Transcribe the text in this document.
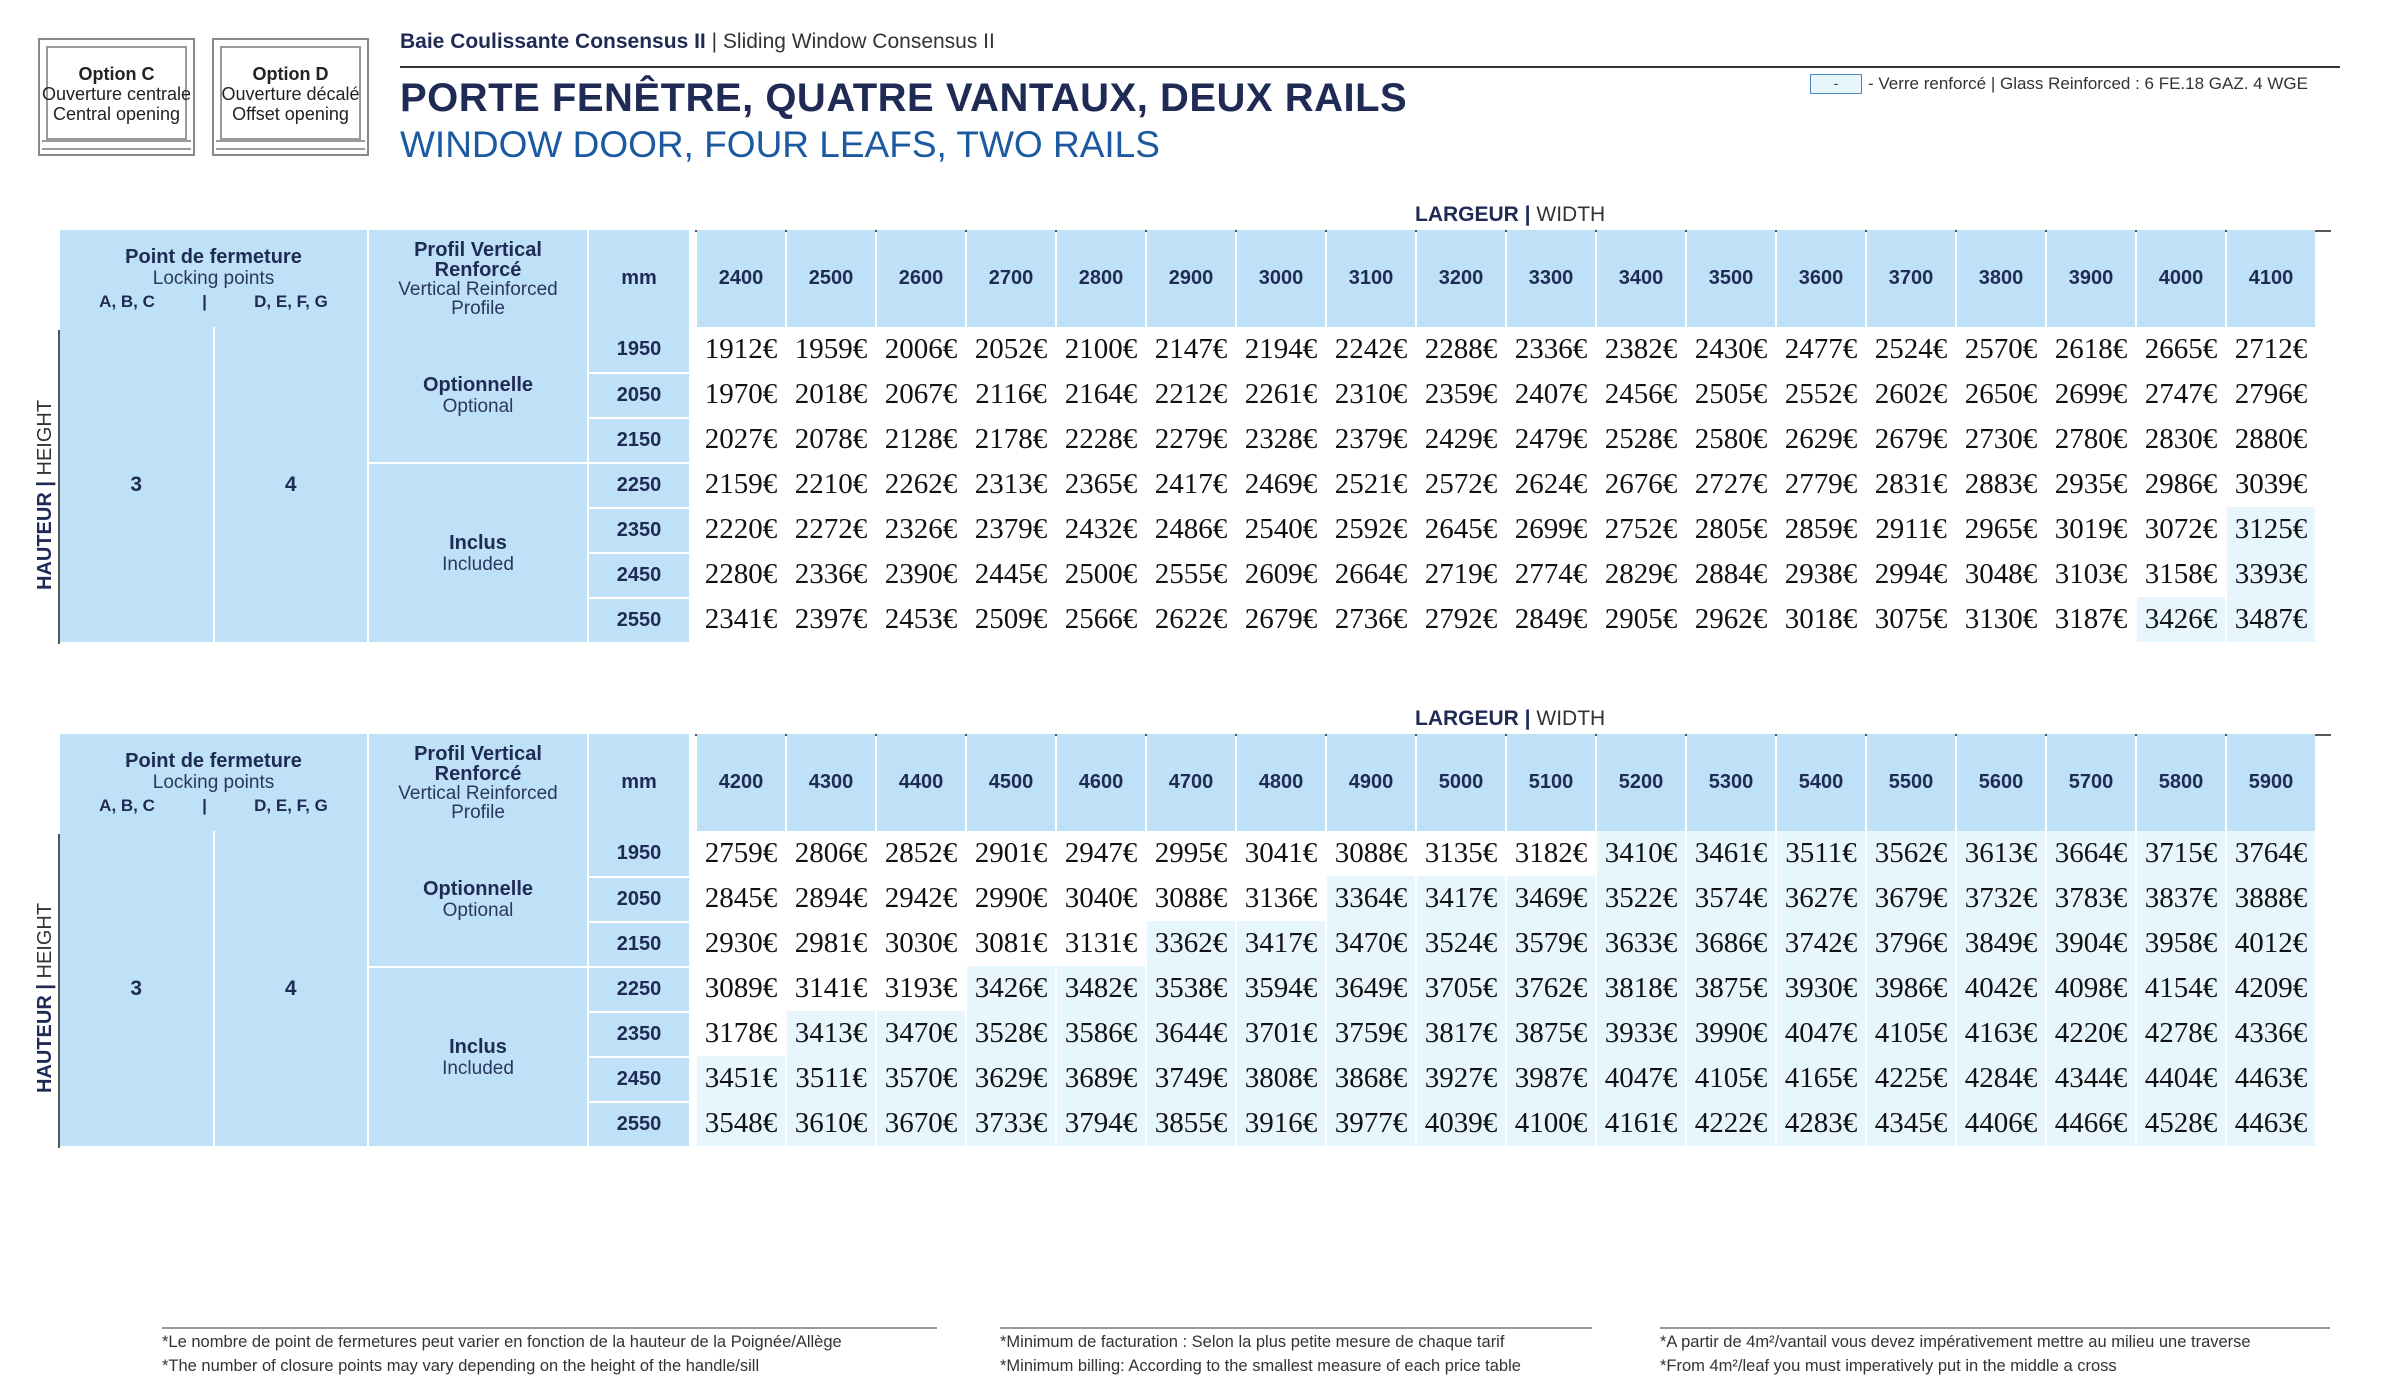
Option C
Ouverture centrale
Central opening
Option D
Ouverture décalé
Offset opening
Baie Coulissante Consensus II | Sliding Window Consensus II
PORTE FENÊTRE, QUATRE VANTAUX, DEUX RAILS
WINDOW DOOR, FOUR LEAFS, TWO RAILS
-	- Verre renforcé | Glass Reinforced : 6 FE.18 GAZ. 4 WGE
LARGEUR | WIDTH
Point de fermeture
Locking points
A, B, C | D, E, F, G		Profil Vertical
Renforcé
Vertical Reinforced
Profile	mm		2400	2500	2600	2700	2800	2900	3000	3100	3200	3300	3400	3500	3600	3700	3800	3900	4000	4100
3	4	Optionnelle
Optional	1950		1912€	1959€	2006€	2052€	2100€	2147€	2194€	2242€	2288€	2336€	2382€	2430€	2477€	2524€	2570€	2618€	2665€	2712€
			2050		1970€	2018€	2067€	2116€	2164€	2212€	2261€	2310€	2359€	2407€	2456€	2505€	2552€	2602€	2650€	2699€	2747€	2796€
			2150		2027€	2078€	2128€	2178€	2228€	2279€	2328€	2379€	2429€	2479€	2528€	2580€	2629€	2679€	2730€	2780€	2830€	2880€
		Inclus
Included	2250		2159€	2210€	2262€	2313€	2365€	2417€	2469€	2521€	2572€	2624€	2676€	2727€	2779€	2831€	2883€	2935€	2986€	3039€
			2350		2220€	2272€	2326€	2379€	2432€	2486€	2540€	2592€	2645€	2699€	2752€	2805€	2859€	2911€	2965€	3019€	3072€	3125€
			2450		2280€	2336€	2390€	2445€	2500€	2555€	2609€	2664€	2719€	2774€	2829€	2884€	2938€	2994€	3048€	3103€	3158€	3393€
			2550		2341€	2397€	2453€	2509€	2566€	2622€	2679€	2736€	2792€	2849€	2905€	2962€	3018€	3075€	3130€	3187€	3426€	3487€
LARGEUR | WIDTH
Point de fermeture
Locking points
A, B, C | D, E, F, G		Profil Vertical
Renforcé
Vertical Reinforced
Profile	mm		4200	4300	4400	4500	4600	4700	4800	4900	5000	5100	5200	5300	5400	5500	5600	5700	5800	5900
3	4	Optionnelle
Optional	1950		2759€	2806€	2852€	2901€	2947€	2995€	3041€	3088€	3135€	3182€	3410€	3461€	3511€	3562€	3613€	3664€	3715€	3764€
			2050		2845€	2894€	2942€	2990€	3040€	3088€	3136€	3364€	3417€	3469€	3522€	3574€	3627€	3679€	3732€	3783€	3837€	3888€
			2150		2930€	2981€	3030€	3081€	3131€	3362€	3417€	3470€	3524€	3579€	3633€	3686€	3742€	3796€	3849€	3904€	3958€	4012€
		Inclus
Included	2250		3089€	3141€	3193€	3426€	3482€	3538€	3594€	3649€	3705€	3762€	3818€	3875€	3930€	3986€	4042€	4098€	4154€	4209€
			2350		3178€	3413€	3470€	3528€	3586€	3644€	3701€	3759€	3817€	3875€	3933€	3990€	4047€	4105€	4163€	4220€	4278€	4336€
			2450		3451€	3511€	3570€	3629€	3689€	3749€	3808€	3868€	3927€	3987€	4047€	4105€	4165€	4225€	4284€	4344€	4404€	4463€
			2550		3548€	3610€	3670€	3733€	3794€	3855€	3916€	3977€	4039€	4100€	4161€	4222€	4283€	4345€	4406€	4466€	4528€	4463€
HAUTEUR | HEIGHT
HAUTEUR | HEIGHT
*Le nombre de point de fermetures peut varier en fonction de la hauteur de la Poignée/Allège
*The number of closure points may vary depending on the height of the handle/sill
*Minimum de facturation : Selon la plus petite mesure de chaque tarif
*Minimum billing: According to the smallest measure of each price table
*A partir de 4m²/vantail vous devez impérativement mettre au milieu une traverse
*From 4m²/leaf you must imperatively put in the middle a cross
